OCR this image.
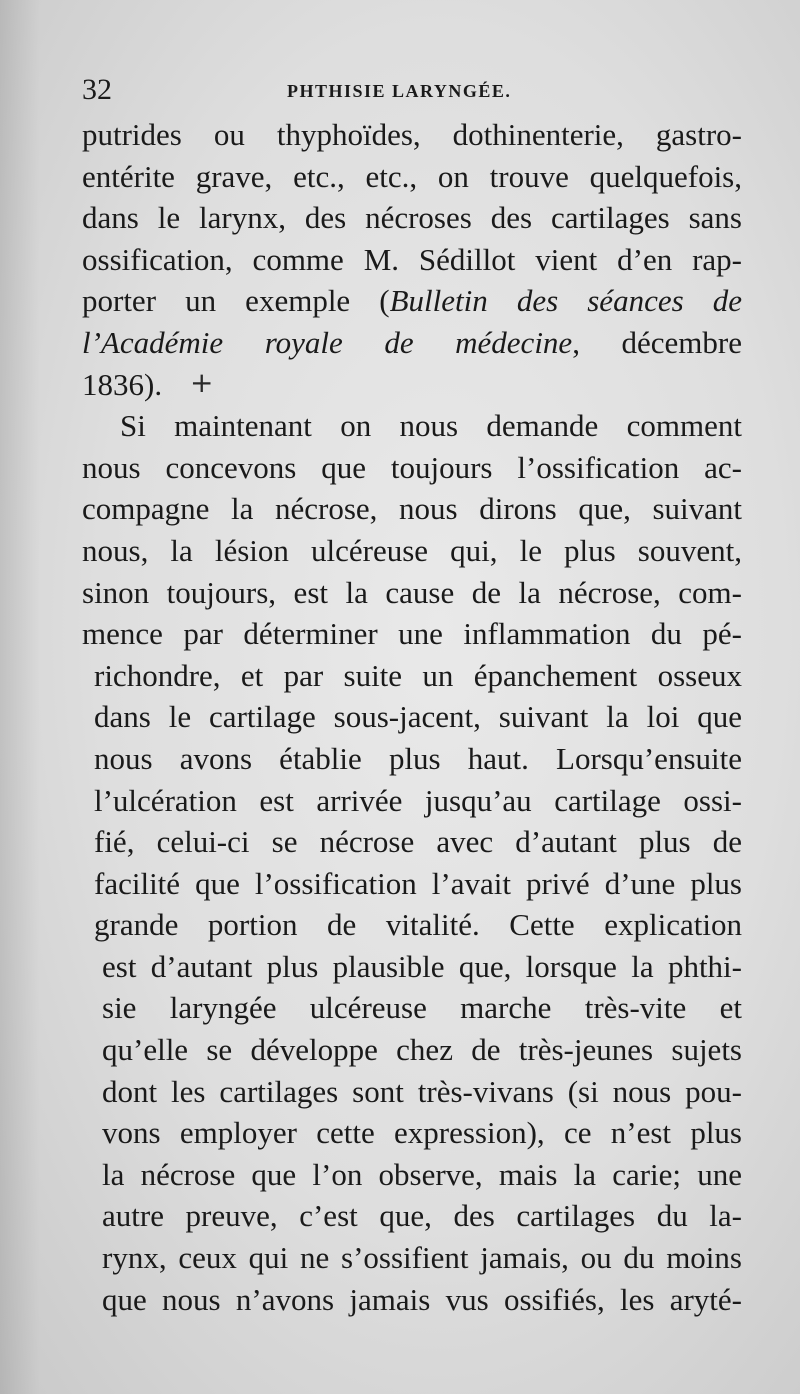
32	PHTHISIE LARYNGÉE.
putrides ou thyphoïdes, dothinenterie, gastro-
entérite grave, etc., etc., on trouve quelquefois,
dans le larynx, des nécroses des cartilages sans
ossification, comme M. Sédillot vient d’en rap-
porter un exemple (Bulletin des séances de
l’Académie royale de médecine, décembre
1836).
Si maintenant on nous demande comment
nous concevons que toujours l’ossification ac-
compagne la nécrose, nous dirons que, suivant
nous, la lésion ulcéreuse qui, le plus souvent,
sinon toujours, est la cause de la nécrose, com-
mence par déterminer une inflammation du pé-
richondre, et par suite un épanchement osseux
dans le cartilage sous-jacent, suivant la loi que
nous avons établie plus haut. Lorsqu’ensuite
l’ulcération est arrivée jusqu’au cartilage ossi-
fié, celui-ci se nécrose avec d’autant plus de
facilité que l’ossification l’avait privé d’une plus
grande portion de vitalité. Cette explication
est d’autant plus plausible que, lorsque la phthi-
sie laryngée ulcéreuse marche très-vite et
qu’elle se développe chez de très-jeunes sujets
dont les cartilages sont très-vivans (si nous pou-
vons employer cette expression), ce n’est plus
la nécrose que l’on observe, mais la carie; une
autre preuve, c’est que, des cartilages du la-
rynx, ceux qui ne s’ossifient jamais, ou du moins
que nous n’avons jamais vus ossifiés, les aryté-
+
